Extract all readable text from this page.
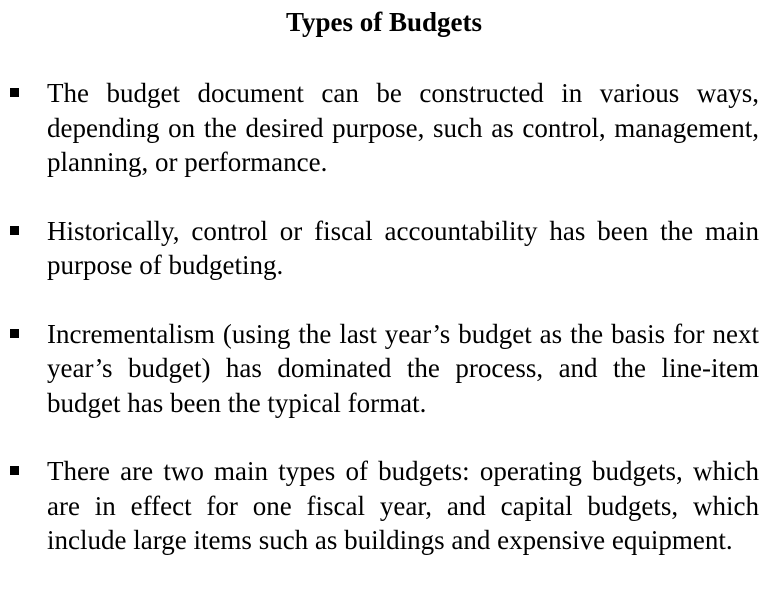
Types of Budgets
The budget document can be constructed in various ways, depending on the desired purpose, such as control, management, planning, or performance.
Historically, control or fiscal accountability has been the main purpose of budgeting.
Incrementalism (using the last year’s budget as the basis for next year’s budget) has dominated the process, and the line-item budget has been the typical format.
There are two main types of budgets: operating budgets, which are in effect for one fiscal year, and capital budgets, which include large items such as buildings and expensive equipment.
